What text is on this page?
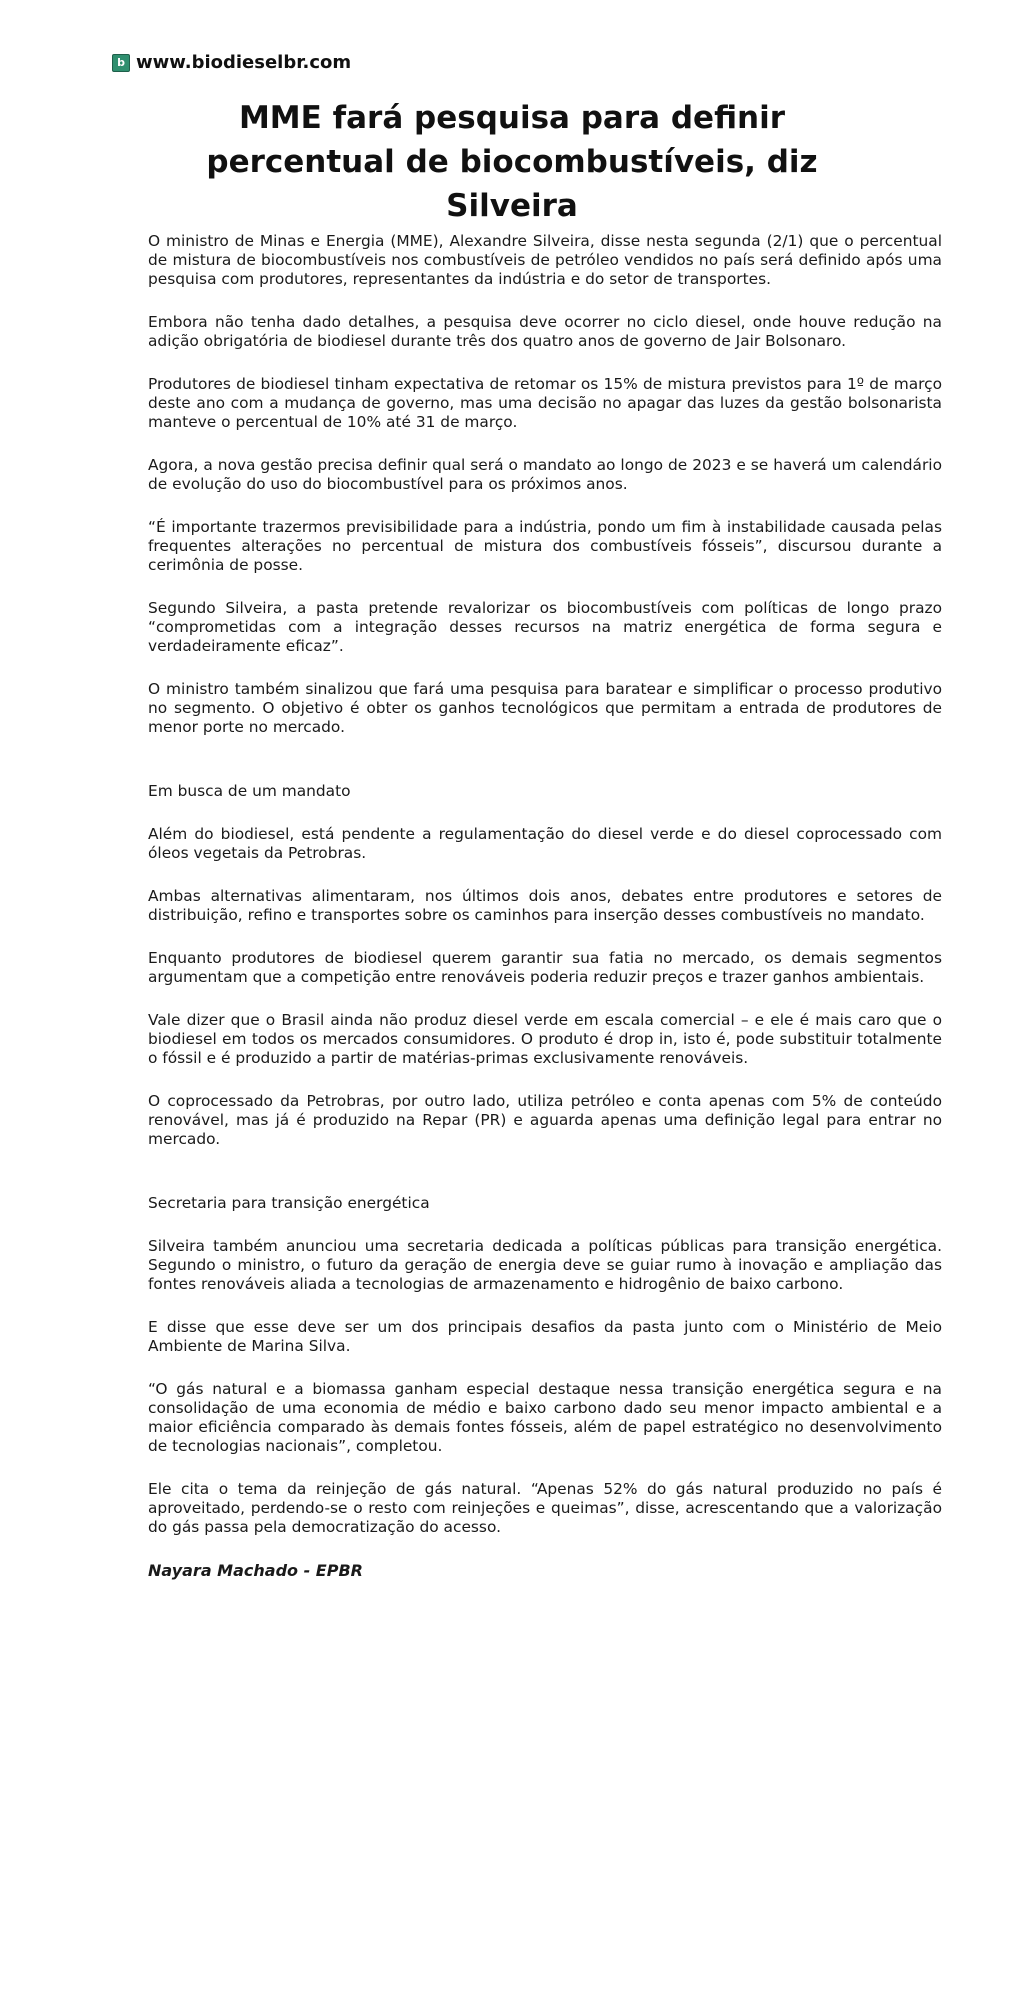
b www.biodieselbr.com
MME fará pesquisa para definir percentual de biocombustíveis, diz Silveira

O ministro de Minas e Energia (MME), Alexandre Silveira, disse nesta segunda (2/1) que o percentual de mistura de biocombustíveis nos combustíveis de petróleo vendidos no país será definido após uma pesquisa com produtores, representantes da indústria e do setor de transportes.

Embora não tenha dado detalhes, a pesquisa deve ocorrer no ciclo diesel, onde houve redução na adição obrigatória de biodiesel durante três dos quatro anos de governo de Jair Bolsonaro.

Produtores de biodiesel tinham expectativa de retomar os 15% de mistura previstos para 1º de março deste ano com a mudança de governo, mas uma decisão no apagar das luzes da gestão bolsonarista manteve o percentual de 10% até 31 de março.

Agora, a nova gestão precisa definir qual será o mandato ao longo de 2023 e se haverá um calendário de evolução do uso do biocombustível para os próximos anos.

“É importante trazermos previsibilidade para a indústria, pondo um fim à instabilidade causada pelas frequentes alterações no percentual de mistura dos combustíveis fósseis”, discursou durante a cerimônia de posse.

Segundo Silveira, a pasta pretende revalorizar os biocombustíveis com políticas de longo prazo “comprometidas com a integração desses recursos na matriz energética de forma segura e verdadeiramente eficaz”.

O ministro também sinalizou que fará uma pesquisa para baratear e simplificar o processo produtivo no segmento. O objetivo é obter os ganhos tecnológicos que permitam a entrada de produtores de menor porte no mercado.

Em busca de um mandato

Além do biodiesel, está pendente a regulamentação do diesel verde e do diesel coprocessado com óleos vegetais da Petrobras.

Ambas alternativas alimentaram, nos últimos dois anos, debates entre produtores e setores de distribuição, refino e transportes sobre os caminhos para inserção desses combustíveis no mandato.

Enquanto produtores de biodiesel querem garantir sua fatia no mercado, os demais segmentos argumentam que a competição entre renováveis poderia reduzir preços e trazer ganhos ambientais.

Vale dizer que o Brasil ainda não produz diesel verde em escala comercial – e ele é mais caro que o biodiesel em todos os mercados consumidores. O produto é drop in, isto é, pode substituir totalmente o fóssil e é produzido a partir de matérias-primas exclusivamente renováveis.

O coprocessado da Petrobras, por outro lado, utiliza petróleo e conta apenas com 5% de conteúdo renovável, mas já é produzido na Repar (PR) e aguarda apenas uma definição legal para entrar no mercado.

Secretaria para transição energética

Silveira também anunciou uma secretaria dedicada a políticas públicas para transição energética. Segundo o ministro, o futuro da geração de energia deve se guiar rumo à inovação e ampliação das fontes renováveis aliada a tecnologias de armazenamento e hidrogênio de baixo carbono.

E disse que esse deve ser um dos principais desafios da pasta junto com o Ministério de Meio Ambiente de Marina Silva.

“O gás natural e a biomassa ganham especial destaque nessa transição energética segura e na consolidação de uma economia de médio e baixo carbono dado seu menor impacto ambiental e a maior eficiência comparado às demais fontes fósseis, além de papel estratégico no desenvolvimento de tecnologias nacionais”, completou.

Ele cita o tema da reinjeção de gás natural. “Apenas 52% do gás natural produzido no país é aproveitado, perdendo-se o resto com reinjeções e queimas”, disse, acrescentando que a valorização do gás passa pela democratização do acesso.

Nayara Machado - EPBR
